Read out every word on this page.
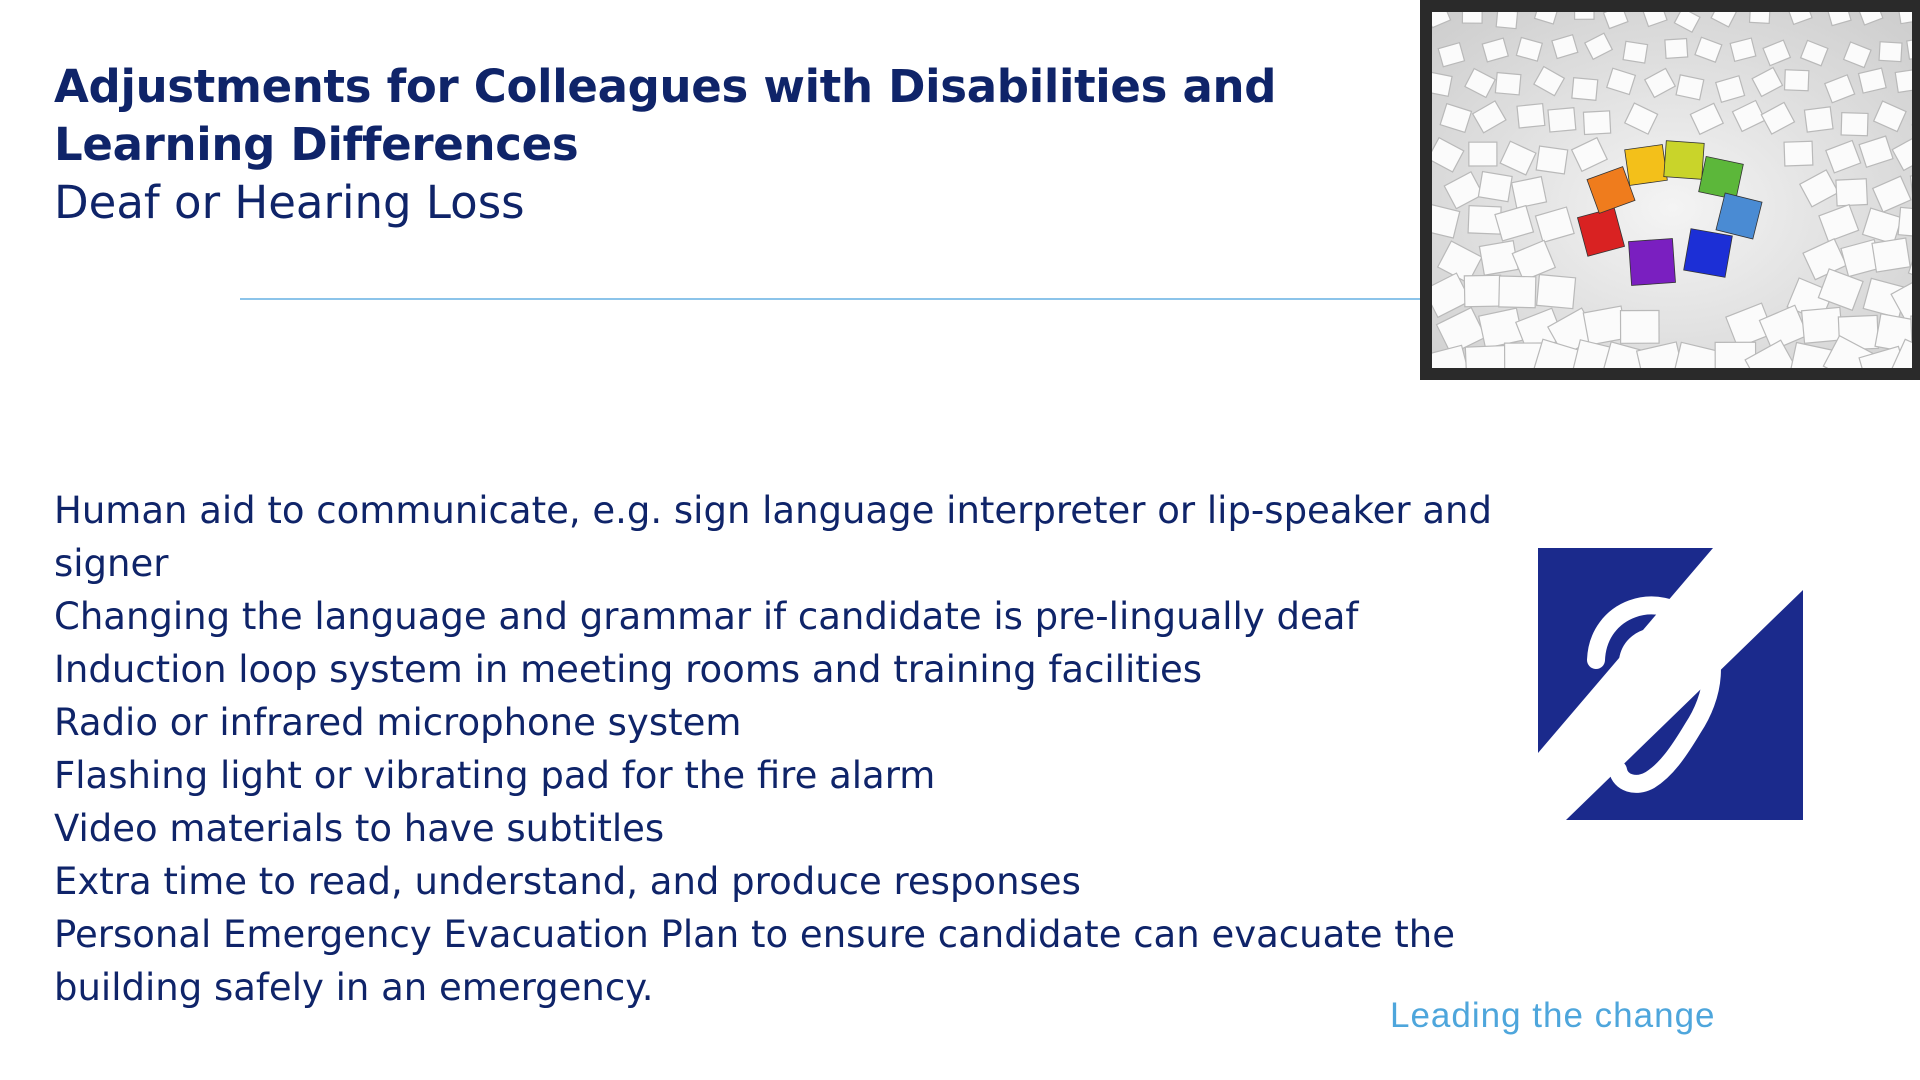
Adjustments for Colleagues with Disabilities and
Learning Differences
Deaf or Hearing Loss
Human aid to communicate, e.g. sign language interpreter or lip-speaker and signer
Changing the language and grammar if candidate is pre-lingually deaf
Induction loop system in meeting rooms and training facilities
Radio or infrared microphone system
Flashing light or vibrating pad for the fire alarm
Video materials to have subtitles
Extra time to read, understand, and produce responses
Personal Emergency Evacuation Plan to ensure candidate can evacuate the building safely in an emergency.
Leading the change
